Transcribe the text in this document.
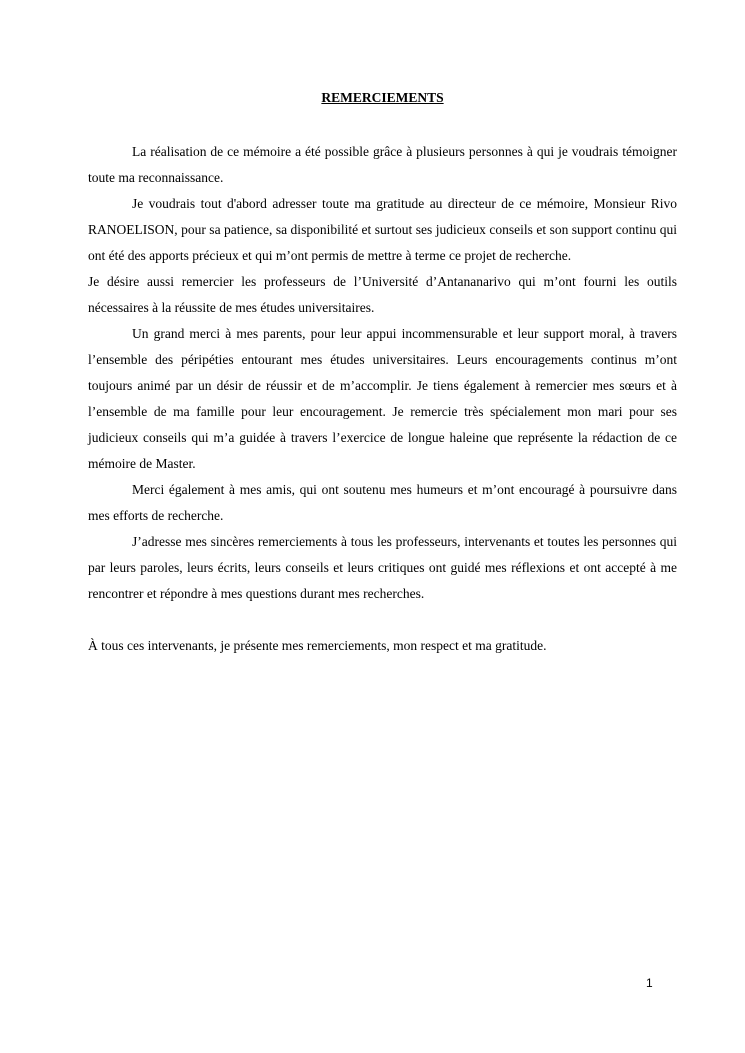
REMERCIEMENTS

La réalisation de ce mémoire a été possible grâce à plusieurs personnes à qui je voudrais témoigner toute ma reconnaissance.

Je voudrais tout d'abord adresser toute ma gratitude au directeur de ce mémoire, Monsieur Rivo RANOELISON, pour sa patience, sa disponibilité et surtout ses judicieux conseils et son support continu qui ont été des apports précieux et qui m’ont permis de mettre à terme ce projet de recherche.

Je désire aussi remercier les professeurs de l’Université d’Antananarivo qui m’ont fourni les outils nécessaires à la réussite de mes études universitaires.

Un grand merci à mes parents, pour leur appui incommensurable et leur support moral, à travers l’ensemble des péripéties entourant mes études universitaires. Leurs encouragements continus m’ont toujours animé par un désir de réussir et de m’accomplir. Je tiens également à remercier mes sœurs et à l’ensemble de ma famille pour leur encouragement. Je remercie très spécialement mon mari pour ses judicieux conseils qui m’a guidée à travers l’exercice de longue haleine que représente la rédaction de ce mémoire de Master.

Merci également à mes amis, qui ont soutenu mes humeurs et m’ont encouragé à poursuivre dans mes efforts de recherche.

J’adresse mes sincères remerciements à tous les professeurs, intervenants et toutes les personnes qui par leurs paroles, leurs écrits, leurs conseils et leurs critiques ont guidé mes réflexions et ont accepté à me rencontrer et répondre à mes questions durant mes recherches.

À tous ces intervenants, je présente mes remerciements, mon respect et ma gratitude.

1
